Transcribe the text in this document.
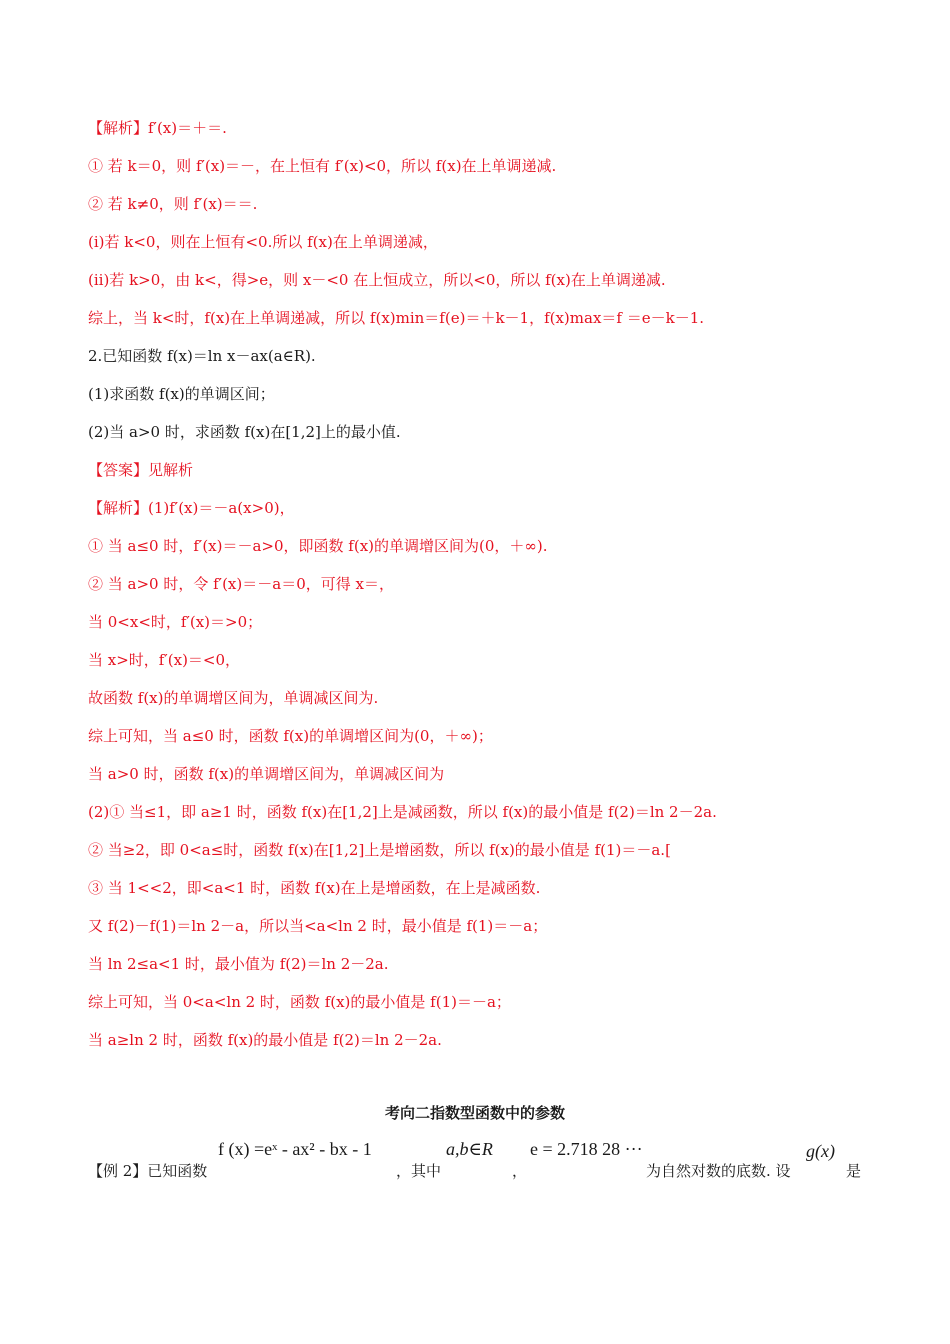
【解析】f′(x)＝＋＝.
① 若 k＝0，则 f′(x)＝－，在上恒有 f′(x)<0，所以 f(x)在上单调递减.
② 若 k≠0，则 f′(x)＝＝.
(ⅰ)若 k<0，则在上恒有<0.所以 f(x)在上单调递减，
(ⅱ)若 k>0，由 k<，得>e，则 x－<0 在上恒成立，所以<0，所以 f(x)在上单调递减.
综上，当 k<时，f(x)在上单调递减，所以 f(x)min＝f(e)＝＋k－1，f(x)max＝f ＝e－k－1.
2.已知函数 f(x)＝ln x－ax(a∈R).
(1)求函数 f(x)的单调区间；
(2)当 a>0 时，求函数 f(x)在[1,2]上的最小值.
【答案】见解析
【解析】(1)f′(x)＝－a(x>0)，
① 当 a≤0 时，f′(x)＝－a>0，即函数 f(x)的单调增区间为(0，＋∞).
② 当 a>0 时，令 f′(x)＝－a＝0，可得 x＝，
当 0<x<时，f′(x)＝>0；
当 x>时，f′(x)＝<0，
故函数 f(x)的单调增区间为，单调减区间为.
综上可知，当 a≤0 时，函数 f(x)的单调增区间为(0，＋∞)；
当 a>0 时，函数 f(x)的单调增区间为，单调减区间为
(2)① 当≤1，即 a≥1 时，函数 f(x)在[1,2]上是减函数，所以 f(x)的最小值是 f(2)＝ln 2－2a.
② 当≥2，即 0<a≤时，函数 f(x)在[1,2]上是增函数，所以 f(x)的最小值是 f(1)＝－a.[
③ 当 1<<2，即<a<1 时，函数 f(x)在上是增函数，在上是减函数.
又 f(2)－f(1)＝ln 2－a，所以当<a<ln 2 时，最小值是 f(1)＝－a；
当 ln 2≤a<1 时，最小值为 f(2)＝ln 2－2a.
综上可知，当 0<a<ln 2 时，函数 f(x)的最小值是 f(1)＝－a；
当 a≥ln 2 时，函数 f(x)的最小值是 f(2)＝ln 2－2a.
考向二指数型函数中的参数
【例 2】已知函数
f (x) =eˣ - ax² - bx - 1
，其中
a,b∈R
，
e = 2.718 28 ···
为自然对数的底数. 设
g(x)
是
